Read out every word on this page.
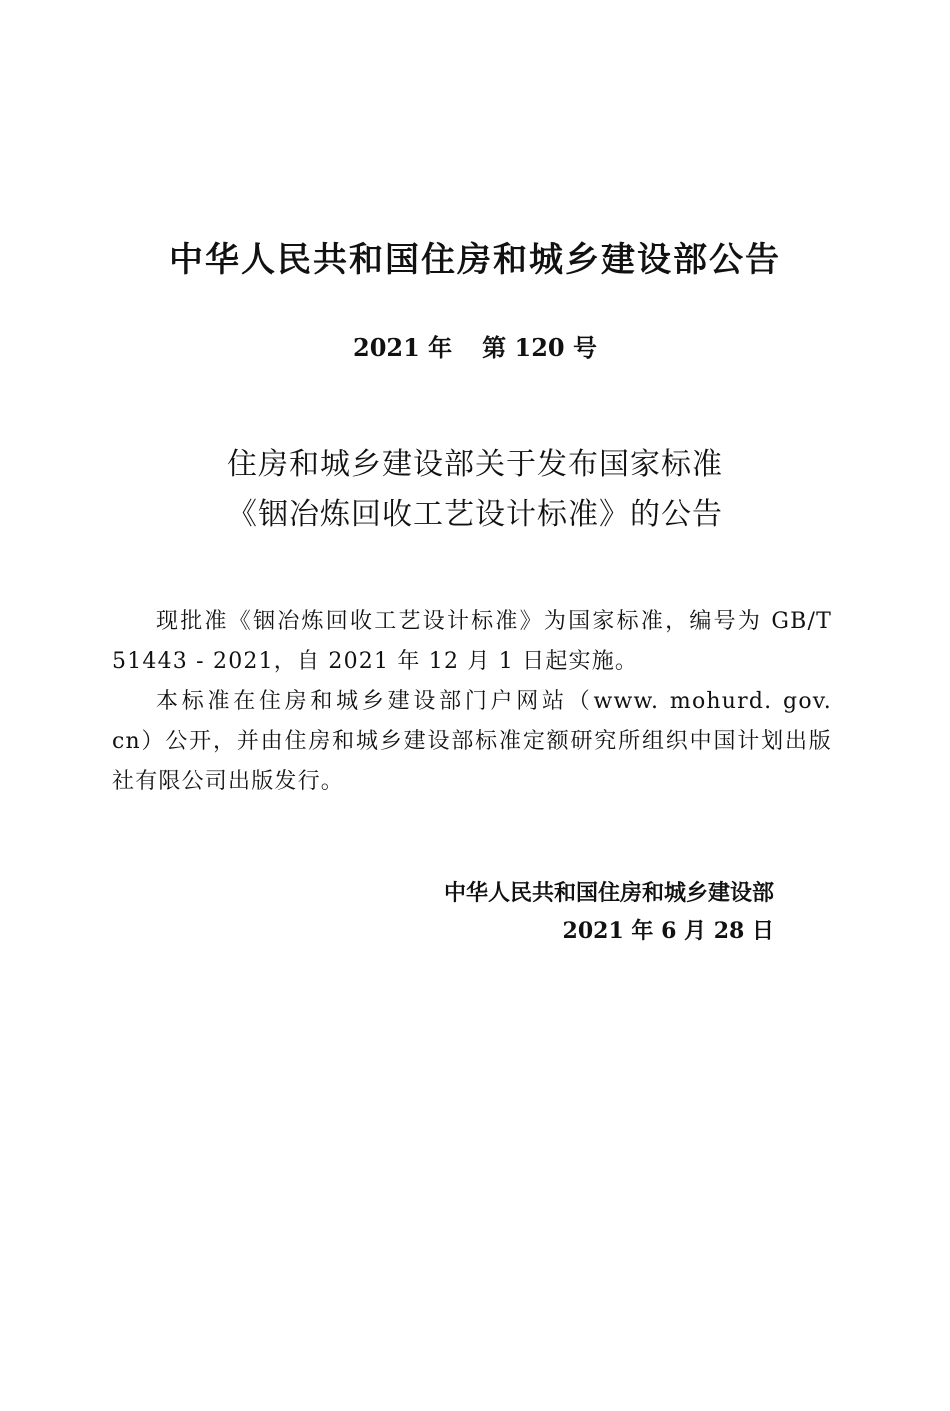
中华人民共和国住房和城乡建设部公告
2021 年 第 120 号
住房和城乡建设部关于发布国家标准
《铟冶炼回收工艺设计标准》的公告

现批准《铟冶炼回收工艺设计标准》为国家标准，编号为 GB/T 51443 - 2021，自 2021 年 12 月 1 日起实施。

本标准在住房和城乡建设部门户网站（www. mohurd. gov. cn）公开，并由住房和城乡建设部标准定额研究所组织中国计划出版社有限公司出版发行。

中华人民共和国住房和城乡建设部
2021 年 6 月 28 日
